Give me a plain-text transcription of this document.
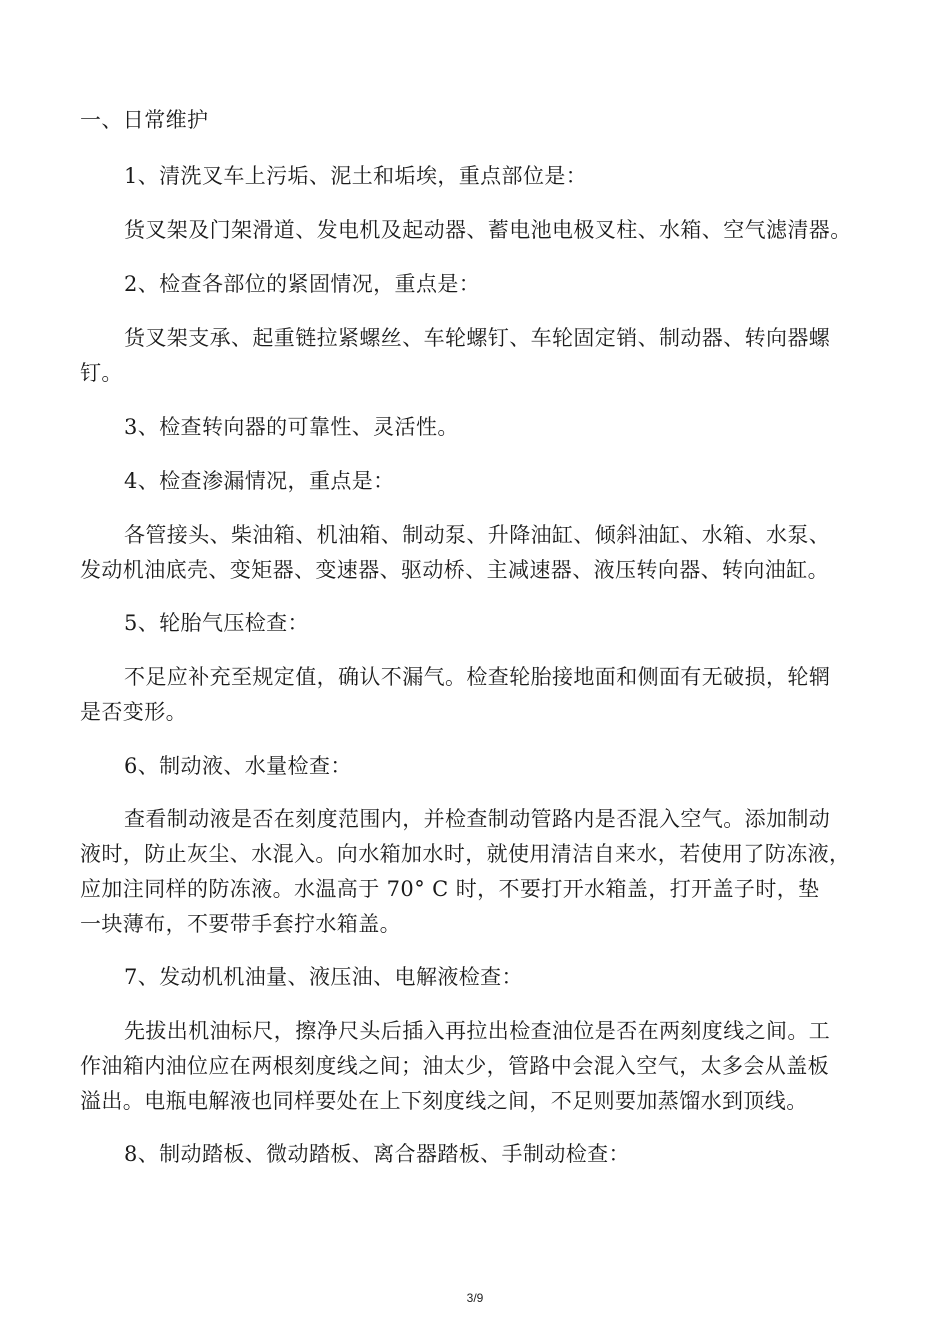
一、日常维护
1、清洗叉车上污垢、泥土和垢埃，重点部位是：
货叉架及门架滑道、发电机及起动器、蓄电池电极叉柱、水箱、空气滤清器。
2、检查各部位的紧固情况，重点是：
货叉架支承、起重链拉紧螺丝、车轮螺钉、车轮固定销、制动器、转向器螺
钉。
3、检查转向器的可靠性、灵活性。
4、检查渗漏情况，重点是：
各管接头、柴油箱、机油箱、制动泵、升降油缸、倾斜油缸、水箱、水泵、
发动机油底壳、变矩器、变速器、驱动桥、主减速器、液压转向器、转向油缸。
5、轮胎气压检查：
不足应补充至规定值，确认不漏气。检查轮胎接地面和侧面有无破损，轮辋
是否变形。
6、制动液、水量检查：
查看制动液是否在刻度范围内，并检查制动管路内是否混入空气。添加制动
液时，防止灰尘、水混入。向水箱加水时，就使用清洁自来水，若使用了防冻液，
应加注同样的防冻液。水温高于 70° C 时，不要打开水箱盖，打开盖子时，垫
一块薄布，不要带手套拧水箱盖。
7、发动机机油量、液压油、电解液检查：
先拔出机油标尺，擦净尺头后插入再拉出检查油位是否在两刻度线之间。工
作油箱内油位应在两根刻度线之间；油太少，管路中会混入空气，太多会从盖板
溢出。电瓶电解液也同样要处在上下刻度线之间，不足则要加蒸馏水到顶线。
8、制动踏板、微动踏板、离合器踏板、手制动检查：
3/9
